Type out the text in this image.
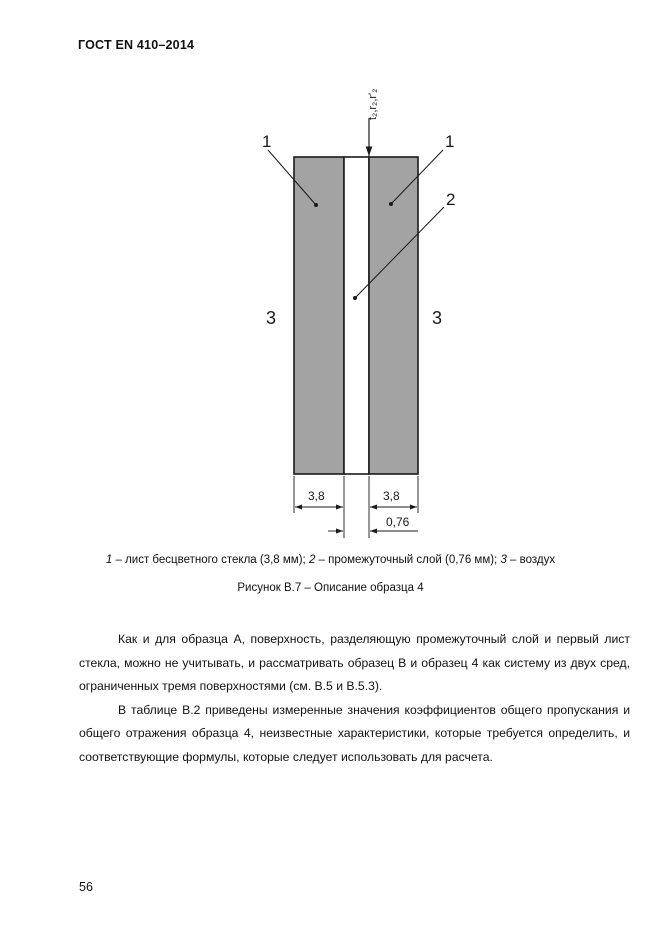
ГОСТ EN 410–2014
t₂,r₂,r′₂
1	1
2
3	3
3,8	3,8
0,76
1 – лист бесцветного стекла (3,8 мм); 2 – промежуточный слой (0,76 мм); 3 – воздух
Рисунок В.7 – Описание образца 4

Как и для образца А, поверхность, разделяющую промежуточный слой и первый лист стекла, можно не учитывать, и рассматривать образец В и образец 4 как систему из двух сред, ограниченных тремя поверхностями (см. В.5 и В.5.3).

В таблице В.2 приведены измеренные значения коэффициентов общего пропускания и общего отражения образца 4, неизвестные характеристики, которые требуется определить, и соответствующие формулы, которые следует использовать для расчета.

56
